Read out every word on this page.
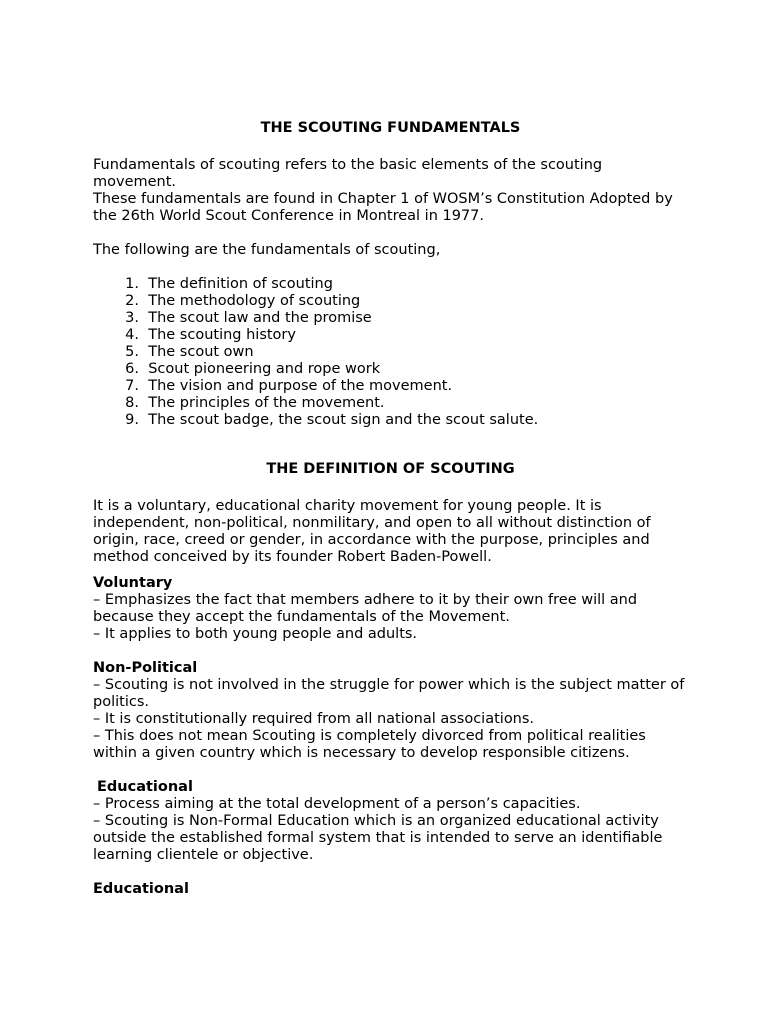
THE SCOUTING FUNDAMENTALS

Fundamentals of scouting refers to the basic elements of the scouting movement.

These fundamentals are found in Chapter 1 of WOSM’s Constitution Adopted by the 26th World Scout Conference in Montreal in 1977.

The following are the fundamentals of scouting,

1.
The definition of scouting
2.
The methodology of scouting
3.
The scout law and the promise
4.
The scouting history
5.
The scout own
6.
Scout pioneering and rope work
7.
The vision and purpose of the movement.
8.
The principles of the movement.
9.
The scout badge, the scout sign and the scout salute.

THE DEFINITION OF SCOUTING

It is a voluntary, educational charity movement for young people. It is independent, non-political, nonmilitary, and open to all without distinction of origin, race, creed or gender, in accordance with the purpose, principles and method conceived by its founder Robert Baden-Powell.

Voluntary

– Emphasizes the fact that members adhere to it by their own free will and because they accept the fundamentals of the Movement.

– It applies to both young people and adults.

Non-Political

– Scouting is not involved in the struggle for power which is the subject matter of politics.

– It is constitutionally required from all national associations.

– This does not mean Scouting is completely divorced from political realities within a given country which is necessary to develop responsible citizens.

Educational

– Process aiming at the total development of a person’s capacities.

– Scouting is Non-Formal Education which is an organized educational activity outside the established formal system that is intended to serve an identifiable learning clientele or objective.

Educational
